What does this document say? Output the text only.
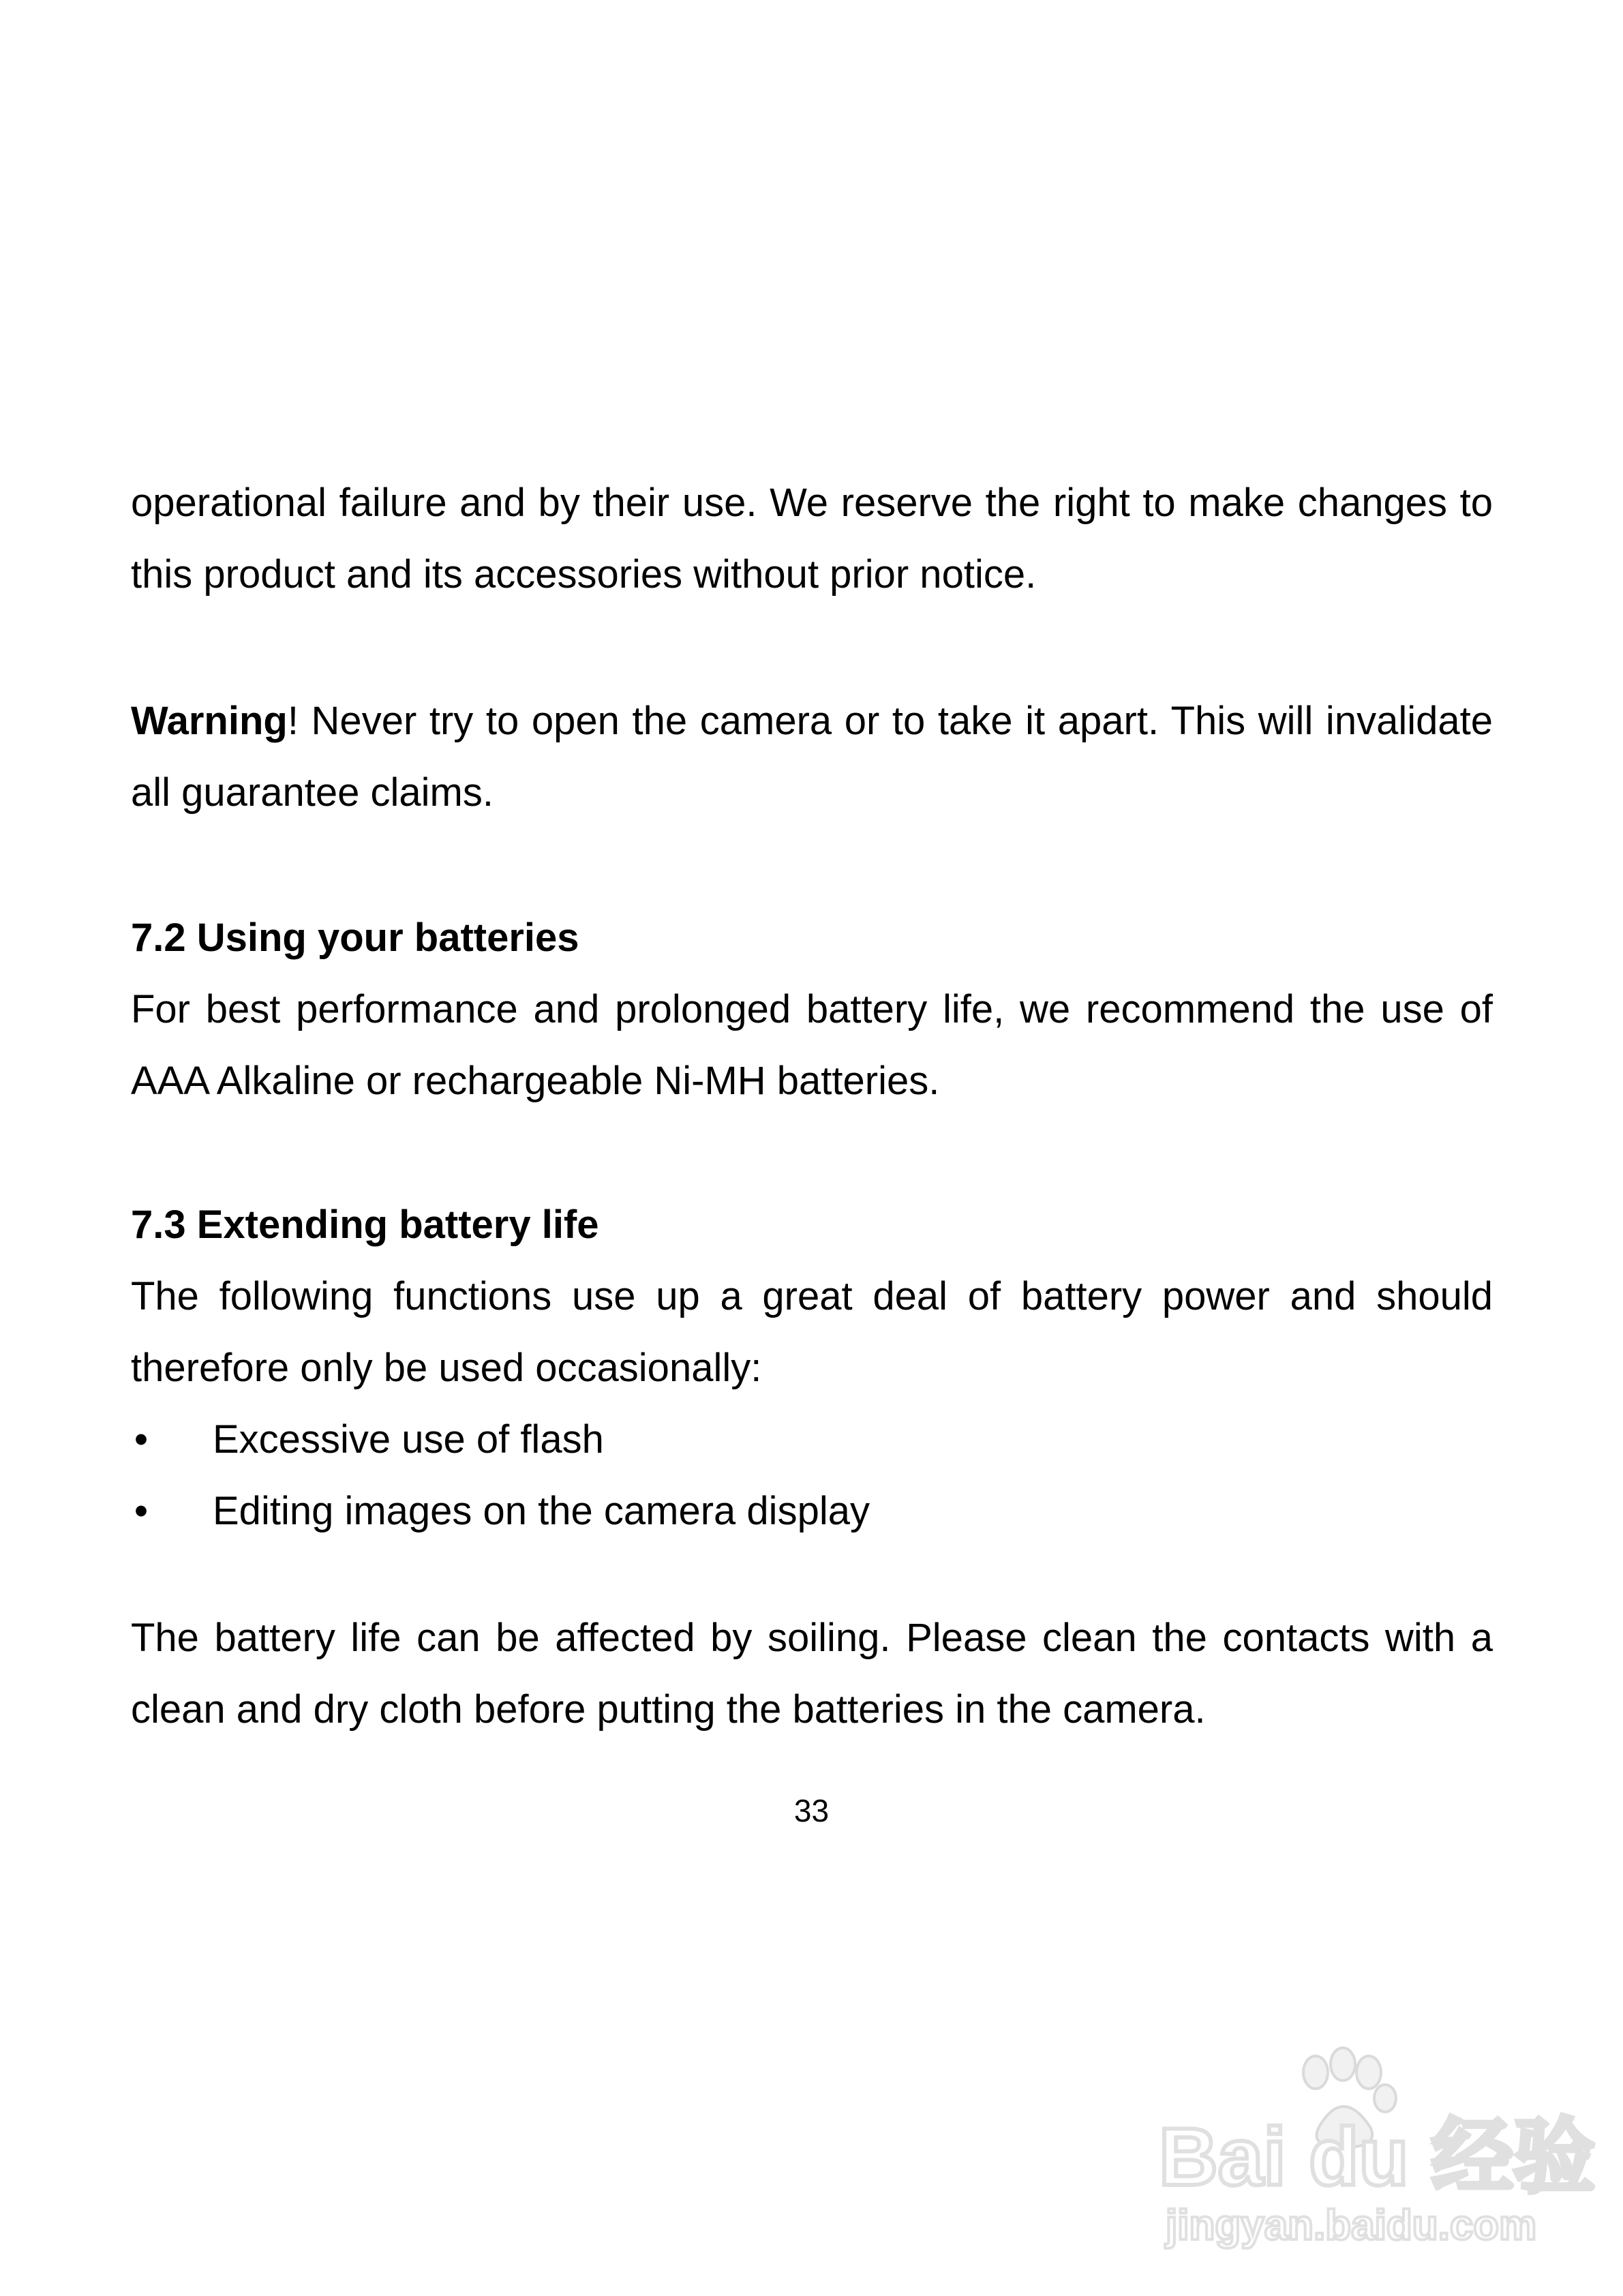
operational failure and by their use. We reserve the right to make changes to this product and its accessories without prior notice.

Warning! Never try to open the camera or to take it apart. This will invalidate all guarantee claims.

7.2 Using your batteries

For best performance and prolonged battery life, we recommend the use of AAA Alkaline or rechargeable Ni-MH batteries.

7.3 Extending battery life

The following functions use up a great deal of battery power and should therefore only be used occasionally:

• Excessive use of flash
• Editing images on the camera display

The battery life can be affected by soiling. Please clean the contacts with a clean and dry cloth before putting the batteries in the camera.

33
Bai du 经验
jingyan.baidu.com
